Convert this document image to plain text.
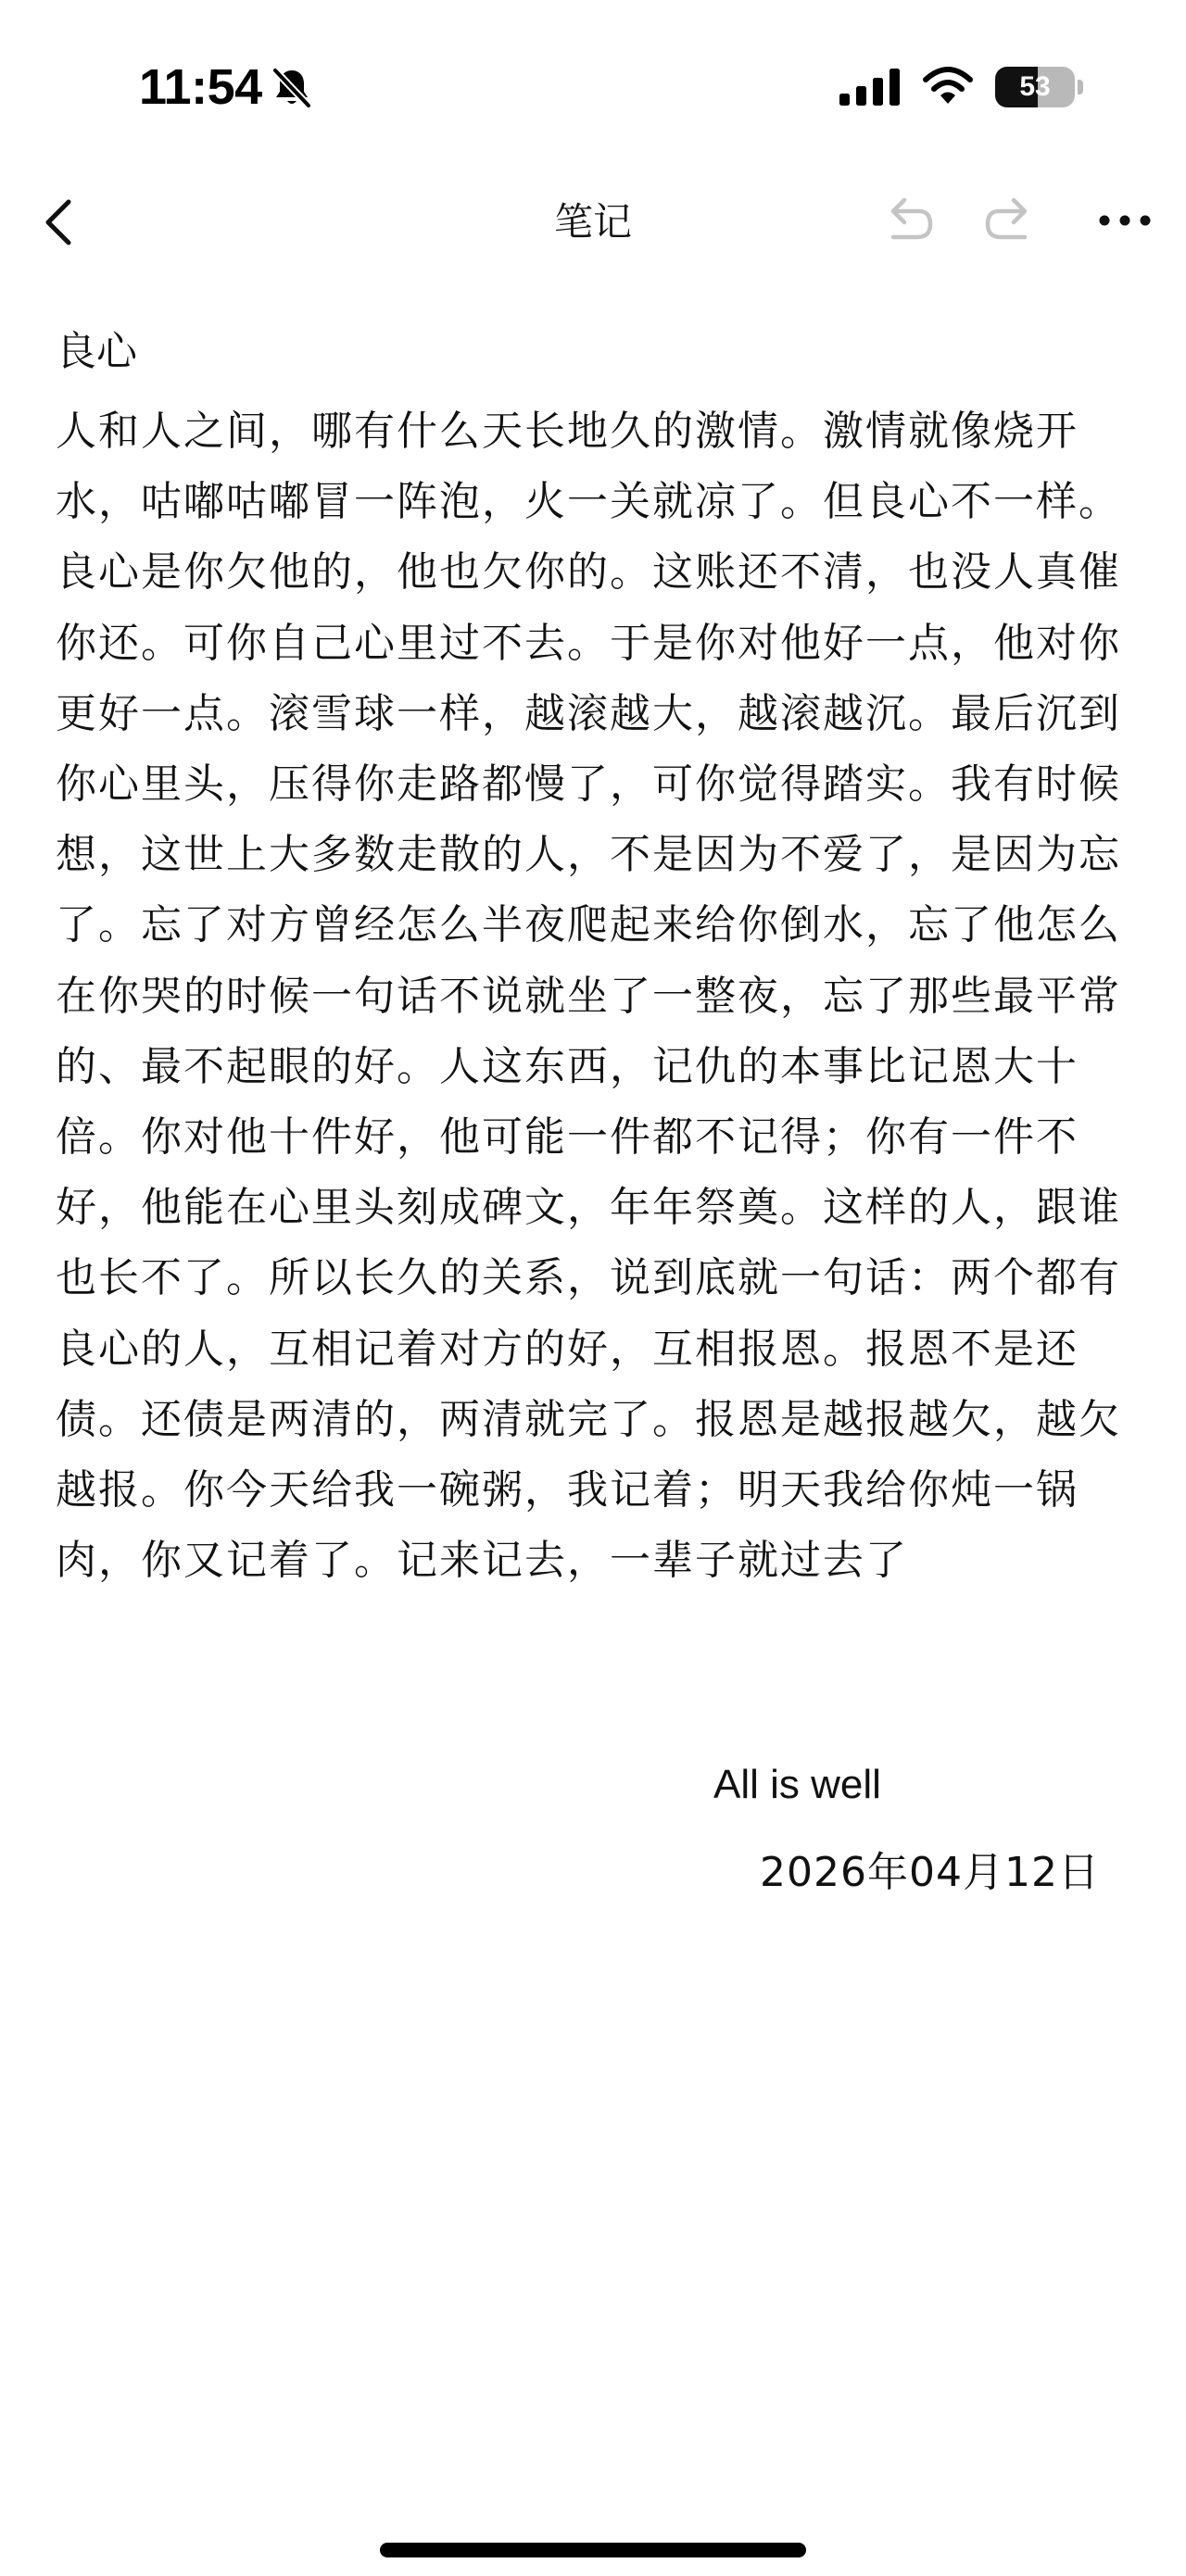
11:54	53
笔记
良心

人和人之间，哪有什么天长地久的激情。激情就像烧开水，咕嘟咕嘟冒一阵泡，火一关就凉了。但良心不一样。良心是你欠他的，他也欠你的。这账还不清，也没人真催你还。可你自己心里过不去。于是你对他好一点，他对你更好一点。滚雪球一样，越滚越大，越滚越沉。最后沉到你心里头，压得你走路都慢了，可你觉得踏实。我有时候想，这世上大多数走散的人，不是因为不爱了，是因为忘了。忘了对方曾经怎么半夜爬起来给你倒水，忘了他怎么在你哭的时候一句话不说就坐了一整夜，忘了那些最平常的、最不起眼的好。人这东西，记仇的本事比记恩大十倍。你对他十件好，他可能一件都不记得；你有一件不好，他能在心里头刻成碑文，年年祭奠。这样的人，跟谁也长不了。所以长久的关系，说到底就一句话：两个都有良心的人，互相记着对方的好，互相报恩。报恩不是还债。还债是两清的，两清就完了。报恩是越报越欠，越欠越报。你今天给我一碗粥，我记着；明天我给你炖一锅肉，你又记着了。记来记去，一辈子就过去了

All is well
2026年04月12日
